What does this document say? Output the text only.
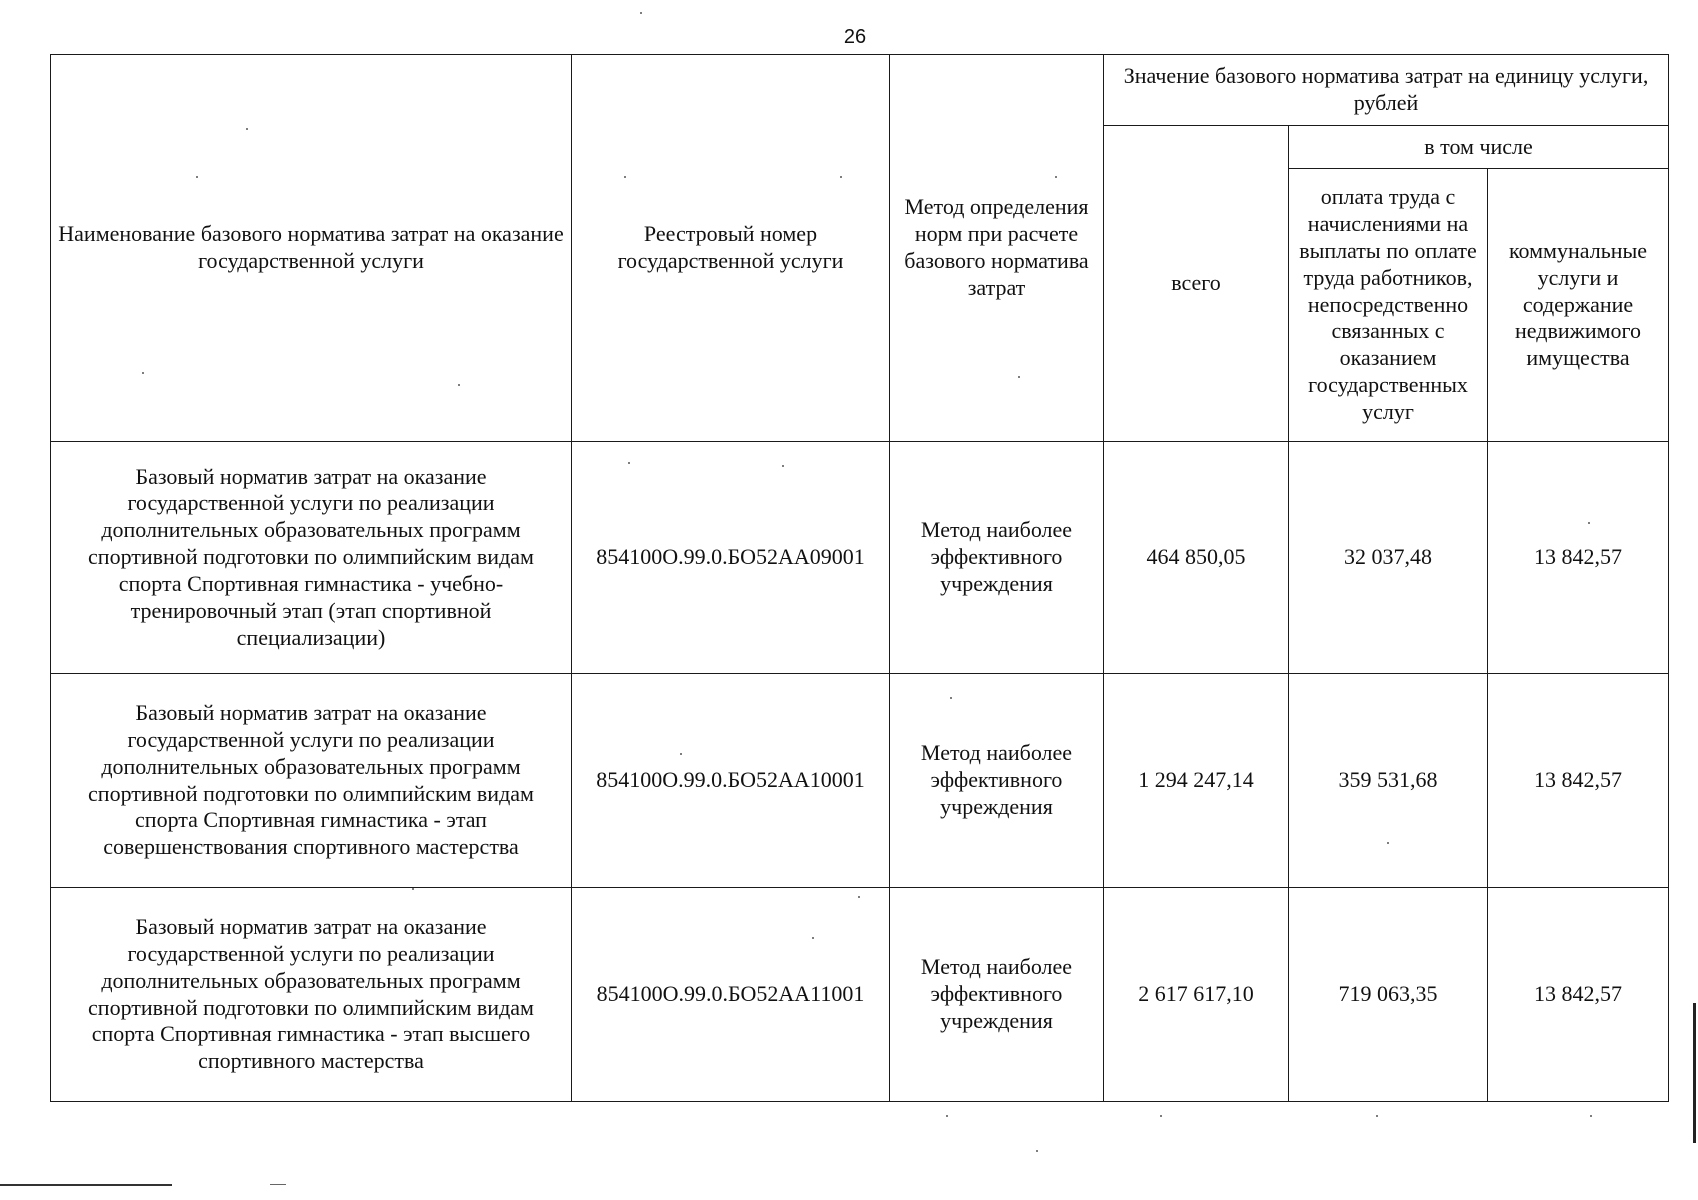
26
Наименование базового норматива затрат на оказание государственной услуги	Реестровый номер государственной услуги	Метод определения норм при расчете базового норматива затрат	Значение базового норматива затрат на единицу услуги, рублей		
			всего	в том числе	
				оплата труда с начислениями на выплаты по оплате труда работников, непосредственно связанных с оказанием государственных услуг	коммунальные услуги и содержание недвижимого имущества
Базовый норматив затрат на оказание государственной услуги по реализации дополнительных образовательных программ спортивной подготовки по олимпийским видам спорта Спортивная гимнастика - учебно-тренировочный этап (этап спортивной специализации)	854100О.99.0.БО52АА09001	Метод наиболее эффективного учреждения	464 850,05	32 037,48	13 842,57
Базовый норматив затрат на оказание государственной услуги по реализации дополнительных образовательных программ спортивной подготовки по олимпийским видам спорта Спортивная гимнастика - этап совершенствования спортивного мастерства	854100О.99.0.БО52АА10001	Метод наиболее эффективного учреждения	1 294 247,14	359 531,68	13 842,57
Базовый норматив затрат на оказание государственной услуги по реализации дополнительных образовательных программ спортивной подготовки по олимпийским видам спорта Спортивная гимнастика - этап высшего спортивного мастерства	854100О.99.0.БО52АА11001	Метод наиболее эффективного учреждения	2 617 617,10	719 063,35	13 842,57
